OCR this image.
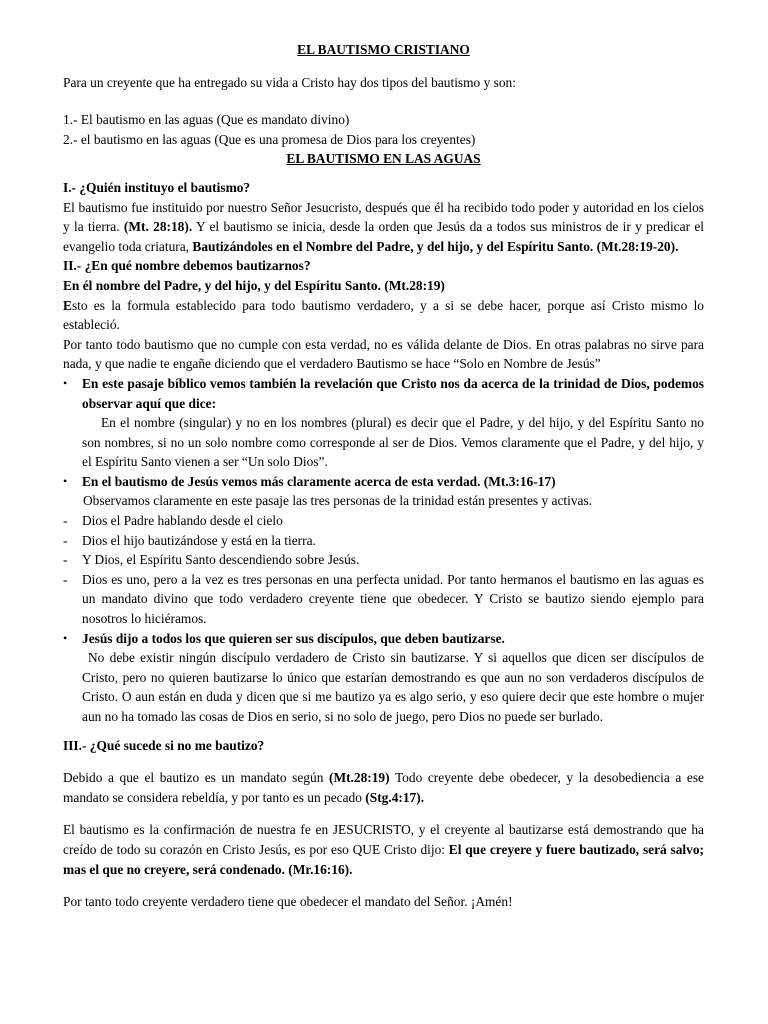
EL BAUTISMO CRISTIANO

Para un creyente que ha entregado su vida a Cristo hay dos tipos del bautismo y son:

1.- El bautismo en las aguas (Que es mandato divino)

2.- el bautismo en las aguas (Que es una promesa de Dios para los creyentes)

EL BAUTISMO EN LAS AGUAS

I.- ¿Quién instituyo el bautismo?

El bautismo fue instituido por nuestro Señor Jesucristo, después que él ha recibido todo poder y autoridad en los cielos y la tierra. (Mt. 28:18). Y el bautismo se inicia, desde la orden que Jesús da a todos sus ministros de ir y predicar el evangelio toda criatura, Bautizándoles en el Nombre del Padre, y del hijo, y del Espíritu Santo. (Mt.28:19-20).

II.- ¿En qué nombre debemos bautizarnos?

En él nombre del Padre, y del hijo, y del Espíritu Santo. (Mt.28:19)

Esto es la formula establecido para todo bautismo verdadero, y a si se debe hacer, porque así Cristo mismo lo estableció.

Por tanto todo bautismo que no cumple con esta verdad, no es válida delante de Dios. En otras palabras no sirve para nada, y que nadie te engañe diciendo que el verdadero Bautismo se hace “Solo en Nombre de Jesús”

• En este pasaje bíblico vemos también la revelación que Cristo nos da acerca de la trinidad de Dios, podemos observar aquí que dice:

En el nombre (singular) y no en los nombres (plural) es decir que el Padre, y del hijo, y del Espíritu Santo no son nombres, si no un solo nombre como corresponde al ser de Dios. Vemos claramente que el Padre, y del hijo, y el Espíritu Santo vienen a ser “Un solo Dios”.

• En el bautismo de Jesús vemos más claramente acerca de esta verdad. (Mt.3:16-17)

Observamos claramente en este pasaje las tres personas de la trinidad están presentes y activas.

- Dios el Padre hablando desde el cielo

- Dios el hijo bautizándose y está en la tierra.

- Y Dios, el Espíritu Santo descendiendo sobre Jesús.

- Dios es uno, pero a la vez es tres personas en una perfecta unidad. Por tanto hermanos el bautismo en las aguas es un mandato divino que todo verdadero creyente tiene que obedecer. Y Cristo se bautizo siendo ejemplo para nosotros lo hiciéramos.

• Jesús dijo a todos los que quieren ser sus discípulos, que deben bautizarse.

No debe existir ningún discípulo verdadero de Cristo sin bautizarse. Y si aquellos que dicen ser discípulos de Cristo, pero no quieren bautizarse lo único que estarían demostrando es que aun no son verdaderos discípulos de Cristo. O aun están en duda y dicen que si me bautizo ya es algo serio, y eso quiere decir que este hombre o mujer aun no ha tomado las cosas de Dios en serio, si no solo de juego, pero Dios no puede ser burlado.

III.- ¿Qué sucede si no me bautizo?

Debido a que el bautizo es un mandato según (Mt.28:19) Todo creyente debe obedecer, y la desobediencia a ese mandato se considera rebeldía, y por tanto es un pecado (Stg.4:17).

El bautismo es la confirmación de nuestra fe en JESUCRISTO, y el creyente al bautizarse está demostrando que ha creído de todo su corazón en Cristo Jesús, es por eso QUE Cristo dijo: El que creyere y fuere bautizado, será salvo; mas el que no creyere, será condenado. (Mr.16:16).

Por tanto todo creyente verdadero tiene que obedecer el mandato del Señor. ¡Amén!
